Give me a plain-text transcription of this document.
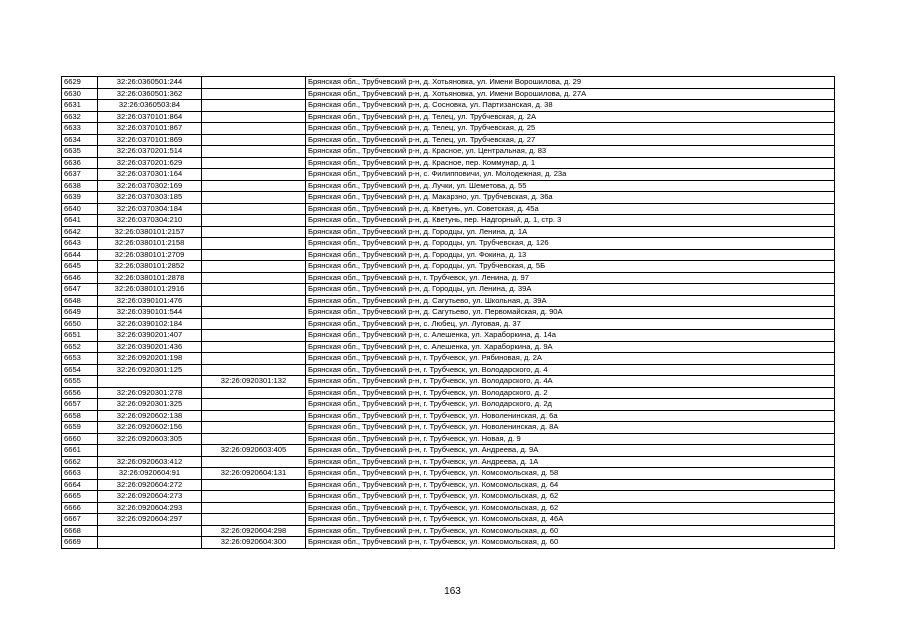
6629	32:26:0360501:244		Брянская обл., Трубчевский р-н, д. Хотьяновка, ул. Имени Ворошилова, д. 29
6630	32:26:0360501:362		Брянская обл., Трубчевский р-н, д. Хотьяновка, ул. Имени Ворошилова, д. 27А
6631	32:26:0360503:84		Брянская обл., Трубчевский р-н, д. Сосновка, ул. Партизанская, д. 38
6632	32:26:0370101:864		Брянская обл., Трубчевский р-н, д. Телец, ул. Трубчевская, д. 2А
6633	32:26:0370101:867		Брянская обл., Трубчевский р-н, д. Телец, ул. Трубчевская, д. 25
6634	32:26:0370101:869		Брянская обл., Трубчевский р-н, д. Телец, ул. Трубчевская, д. 27
6635	32:26:0370201:514		Брянская обл., Трубчевский р-н, д. Красное, ул. Центральная, д. 83
6636	32:26:0370201:629		Брянская обл., Трубчевский р-н, д. Красное, пер. Коммунар, д. 1
6637	32:26:0370301:164		Брянская обл., Трубчевский р-н, с. Филипповичи, ул. Молодежная, д. 23а
6638	32:26:0370302:169		Брянская обл., Трубчевский р-н, д. Лучки, ул. Шеметова, д. 55
6639	32:26:0370303:185		Брянская обл., Трубчевский р-н, д. Макарзно, ул. Трубчевская, д. 36а
6640	32:26:0370304:184		Брянская обл., Трубчевский р-н, д. Кветунь, ул. Советская, д. 45а
6641	32:26:0370304:210		Брянская обл., Трубчевский р-н, д. Кветунь, пер. Надгорный, д. 1, стр. 3
6642	32:26:0380101:2157		Брянская обл., Трубчевский р-н, д. Городцы, ул. Ленина, д. 1А
6643	32:26:0380101:2158		Брянская обл., Трубчевский р-н, д. Городцы, ул. Трубчевская, д. 126
6644	32:26:0380101:2709		Брянская обл., Трубчевский р-н, д. Городцы, ул. Фокина, д. 13
6645	32:26:0380101:2852		Брянская обл., Трубчевский р-н, д. Городцы, ул. Трубчевская, д. 5Б
6646	32:26:0380101:2878		Брянская обл., Трубчевский р-н, г. Трубчевск, ул. Ленина, д. 97
6647	32:26:0380101:2916		Брянская обл., Трубчевский р-н, д. Городцы, ул. Ленина, д. 39А
6648	32:26:0390101:476		Брянская обл., Трубчевский р-н, д. Сагутьево, ул. Школьная, д. 39А
6649	32:26:0390101:544		Брянская обл., Трубчевский р-н, д. Сагутьево, ул. Первомайская, д. 90А
6650	32:26:0390102:184		Брянская обл., Трубчевский р-н, с. Любец, ул. Луговая, д. 37
6651	32:26:0390201:407		Брянская обл., Трубчевский р-н, с. Алешенка, ул. Хараборкина, д. 14а
6652	32:26:0390201:436		Брянская обл., Трубчевский р-н, с. Алешенка, ул. Хараборкина, д. 9А
6653	32:26:0920201:198		Брянская обл., Трубчевский р-н, г. Трубчевск, ул. Рябиновая, д. 2А
6654	32:26:0920301:125		Брянская обл., Трубчевский р-н, г. Трубчевск, ул. Володарского, д. 4
6655		32:26:0920301:132	Брянская обл., Трубчевский р-н, г. Трубчевск, ул. Володарского, д. 4А
6656	32:26:0920301:278		Брянская обл., Трубчевский р-н, г. Трубчевск, ул. Володарского, д. 2
6657	32:26:0920301:325		Брянская обл., Трубчевский р-н, г. Трубчевск, ул. Володарского, д. 2д
6658	32:26:0920602:138		Брянская обл., Трубчевский р-н, г. Трубчевск, ул. Новоленинская, д. 6а
6659	32:26:0920602:156		Брянская обл., Трубчевский р-н, г. Трубчевск, ул. Новоленинская, д. 8А
6660	32:26:0920603:305		Брянская обл., Трубчевский р-н, г. Трубчевск, ул. Новая, д. 9
6661		32:26:0920603:405	Брянская обл., Трубчевский р-н, г. Трубчевск, ул. Андреева, д. 9А
6662	32:26:0920603:412		Брянская обл., Трубчевский р-н, г. Трубчевск, ул. Андреева, д. 1А
6663	32:26:0920604:91	32:26:0920604:131	Брянская обл., Трубчевский р-н, г. Трубчевск, ул. Комсомольская, д. 58
6664	32:26:0920604:272		Брянская обл., Трубчевский р-н, г. Трубчевск, ул. Комсомольская, д. 64
6665	32:26:0920604:273		Брянская обл., Трубчевский р-н, г. Трубчевск, ул. Комсомольская, д. 62
6666	32:26:0920604:293		Брянская обл., Трубчевский р-н, г. Трубчевск, ул. Комсомольская, д. 62
6667	32:26:0920604:297		Брянская обл., Трубчевский р-н, г. Трубчевск, ул. Комсомольская, д. 46А
6668		32:26:0920604:298	Брянская обл., Трубчевский р-н, г. Трубчевск, ул. Комсомольская, д. 60
6669		32:26:0920604:300	Брянская обл., Трубчевский р-н, г. Трубчевск, ул. Комсомольская, д. 60
163
